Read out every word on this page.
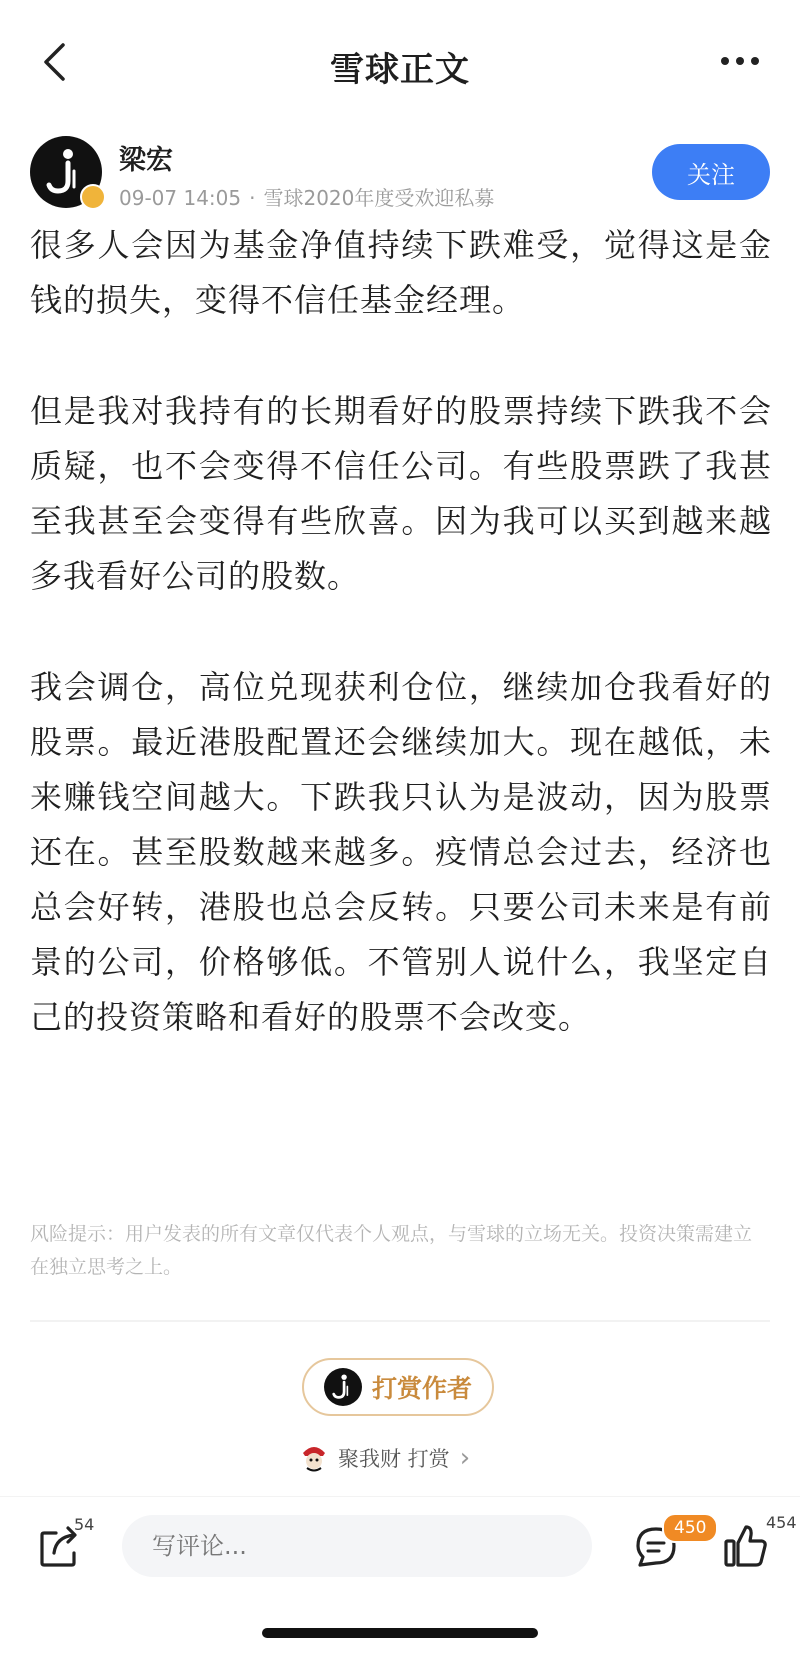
雪球正文
梁宏
09-07 14:05 · 雪球2020年度受欢迎私募
关注

很多人会因为基金净值持续下跌难受，觉得这是金钱的损失，变得不信任基金经理。

但是我对我持有的长期看好的股票持续下跌我不会质疑，也不会变得不信任公司。有些股票跌了我甚至我甚至会变得有些欣喜。因为我可以买到越来越多我看好公司的股数。

我会调仓，高位兑现获利仓位，继续加仓我看好的股票。最近港股配置还会继续加大。现在越低，未来赚钱空间越大。下跌我只认为是波动，因为股票还在。甚至股数越来越多。疫情总会过去，经济也总会好转，港股也总会反转。只要公司未来是有前景的公司，价格够低。不管别人说什么，我坚定自己的投资策略和看好的股票不会改变。

风险提示：用户发表的所有文章仅代表个人观点，与雪球的立场无关。投资决策需建立在独立思考之上。
打赏作者
聚我财 打赏 ›
54
写评论...	450	454
